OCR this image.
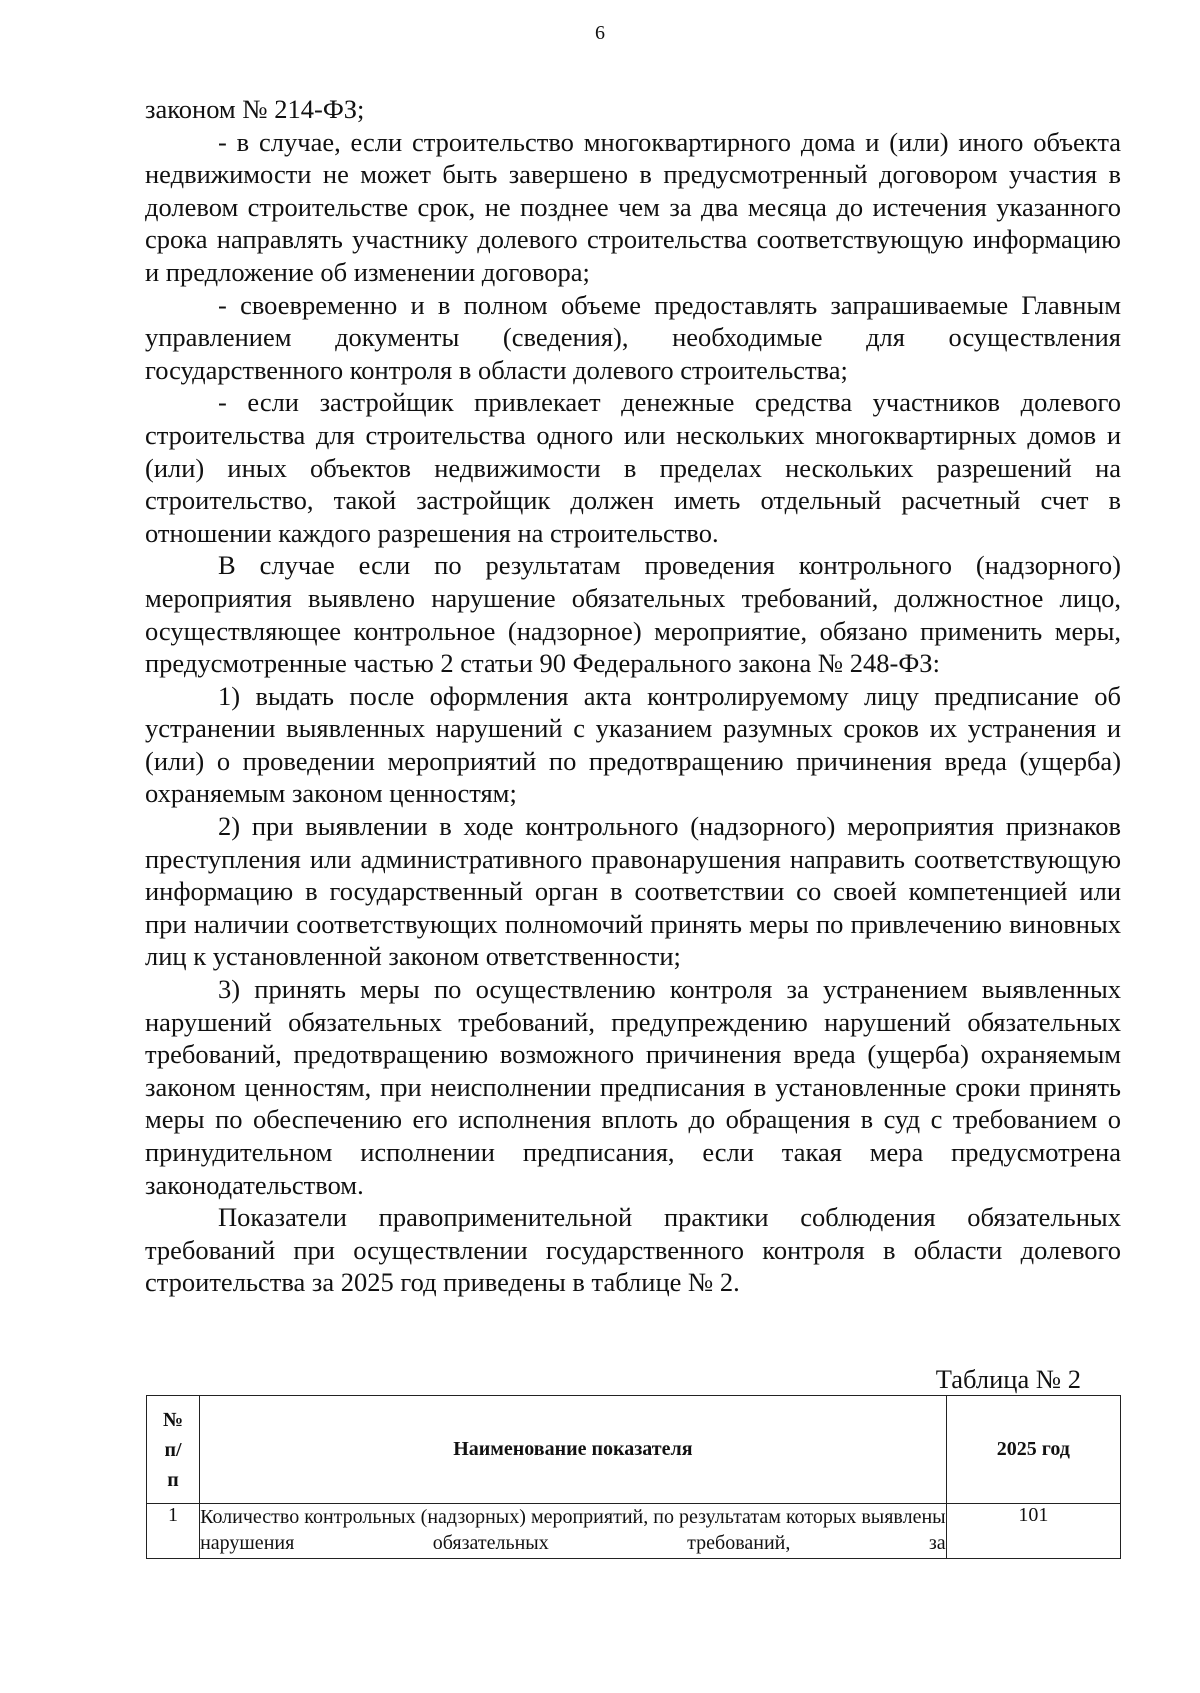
6

законом № 214-ФЗ;

- в случае, если строительство многоквартирного дома и (или) иного объекта недвижимости не может быть завершено в предусмотренный договором участия в долевом строительстве срок, не позднее чем за два месяца до истечения указанного срока направлять участнику долевого строительства соответствующую информацию и предложение об изменении договора;

- своевременно и в полном объеме предоставлять запрашиваемые Главным управлением документы (сведения), необходимые для осуществления государственного контроля в области долевого строительства;

- если застройщик привлекает денежные средства участников долевого строительства для строительства одного или нескольких многоквартирных домов и (или) иных объектов недвижимости в пределах нескольких разрешений на строительство, такой застройщик должен иметь отдельный расчетный счет в отношении каждого разрешения на строительство.

В случае если по результатам проведения контрольного (надзорного) мероприятия выявлено нарушение обязательных требований, должностное лицо, осуществляющее контрольное (надзорное) мероприятие, обязано применить меры, предусмотренные частью 2 статьи 90 Федерального закона № 248-ФЗ:

1) выдать после оформления акта контролируемому лицу предписание об устранении выявленных нарушений с указанием разумных сроков их устранения и (или) о проведении мероприятий по предотвращению причинения вреда (ущерба) охраняемым законом ценностям;

2) при выявлении в ходе контрольного (надзорного) мероприятия признаков преступления или административного правонарушения направить соответствующую информацию в государственный орган в соответствии со своей компетенцией или при наличии соответствующих полномочий принять меры по привлечению виновных лиц к установленной законом ответственности;

3) принять меры по осуществлению контроля за устранением выявленных нарушений обязательных требований, предупреждению нарушений обязательных требований, предотвращению возможного причинения вреда (ущерба) охраняемым законом ценностям, при неисполнении предписания в установленные сроки принять меры по обеспечению его исполнения вплоть до обращения в суд с требованием о принудительном исполнении предписания, если такая мера предусмотрена законодательством.

Показатели правоприменительной практики соблюдения обязательных требований при осуществлении государственного контроля в области долевого строительства за 2025 год приведены в таблице № 2.

Таблица № 2
№
п/
п	Наименование показателя	2025 год
1	Количество контрольных (надзорных) мероприятий, по результатам которых выявлены нарушения обязательных требований, за	101
